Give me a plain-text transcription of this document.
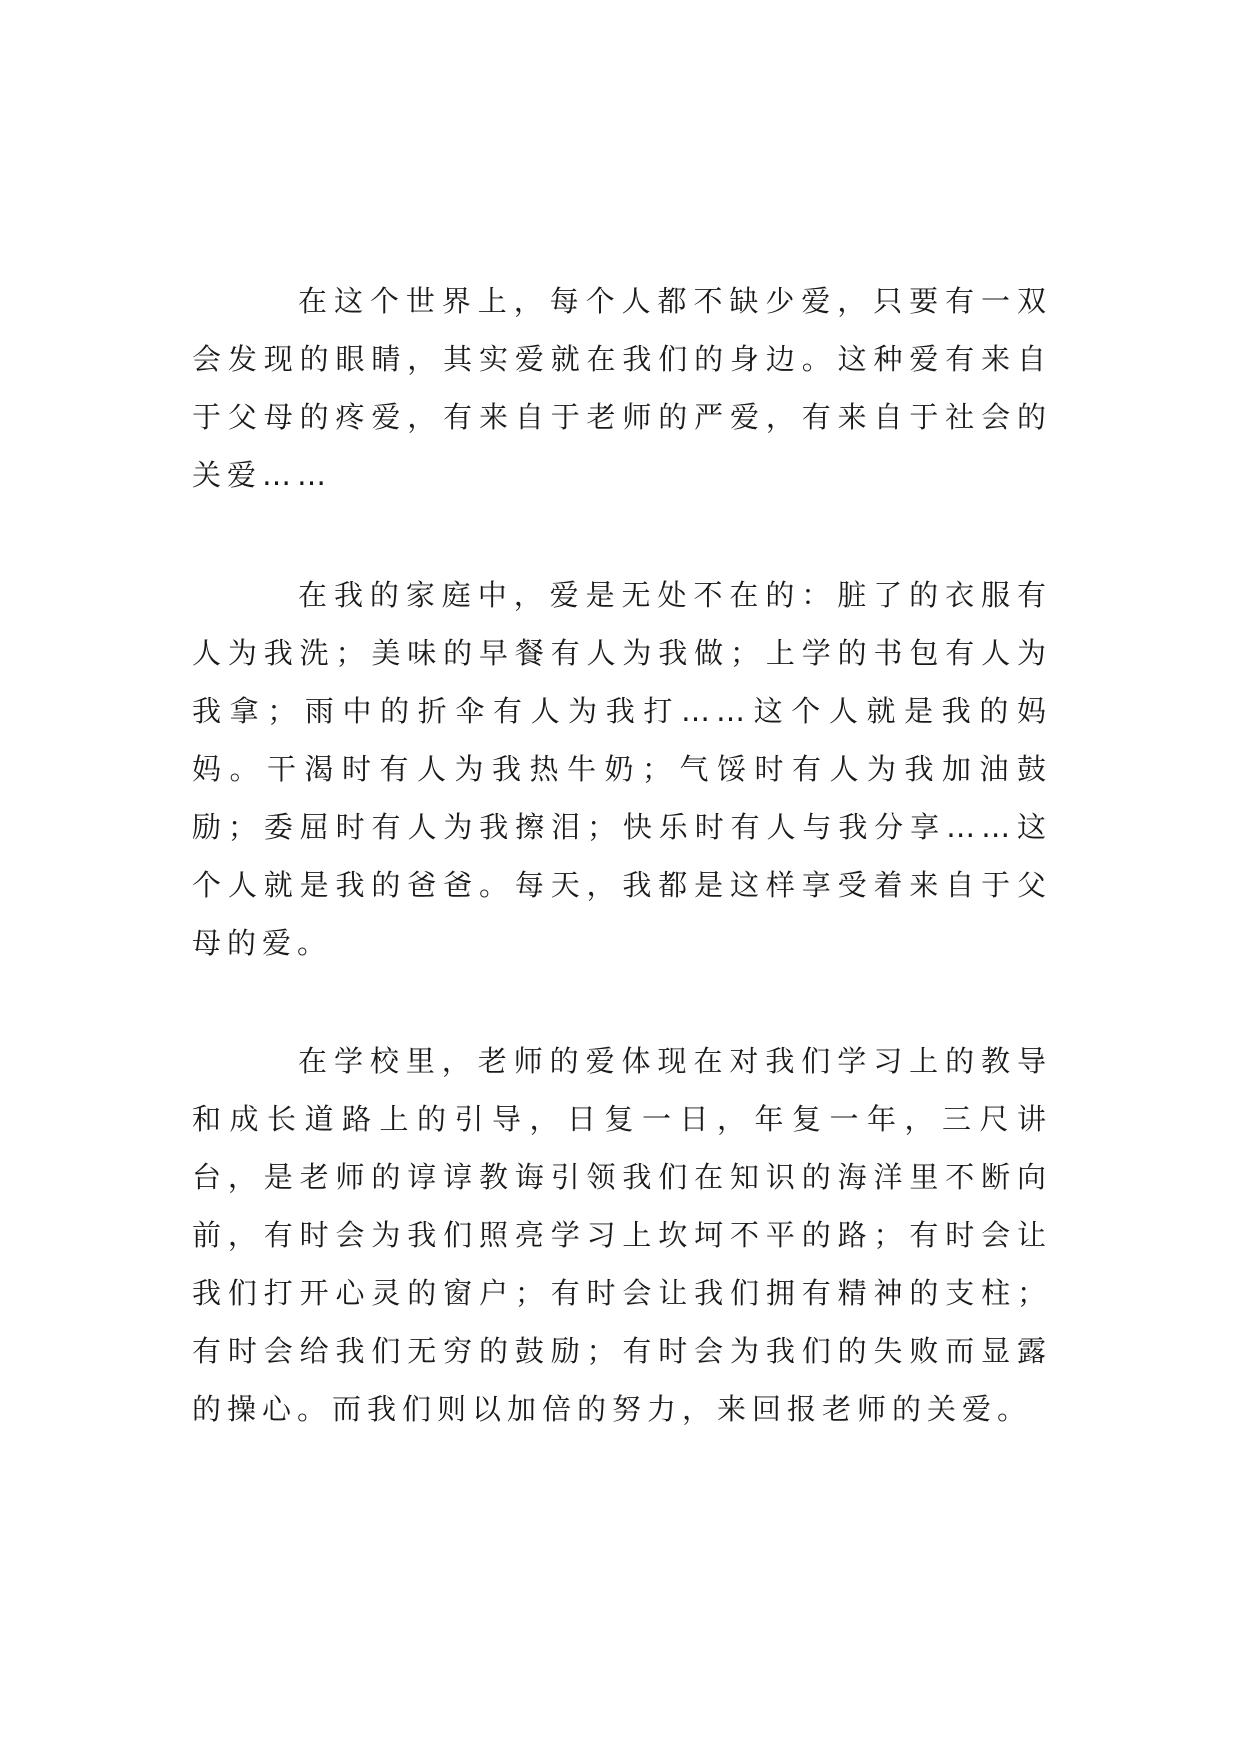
在这个世界上，每个人都不缺少爱，只要有一双会发现的眼睛，其实爱就在我们的身边。这种爱有来自于父母的疼爱，有来自于老师的严爱，有来自于社会的关爱……

在我的家庭中，爱是无处不在的：脏了的衣服有人为我洗；美味的早餐有人为我做；上学的书包有人为我拿；雨中的折伞有人为我打……这个人就是我的妈妈。干渴时有人为我热牛奶；气馁时有人为我加油鼓励；委屈时有人为我擦泪；快乐时有人与我分享……这个人就是我的爸爸。每天，我都是这样享受着来自于父母的爱。

在学校里，老师的爱体现在对我们学习上的教导和成长道路上的引导，日复一日，年复一年，三尺讲台，是老师的谆谆教诲引领我们在知识的海洋里不断向前，有时会为我们照亮学习上坎坷不平的路；有时会让我们打开心灵的窗户；有时会让我们拥有精神的支柱；有时会给我们无穷的鼓励；有时会为我们的失败而显露的操心。而我们则以加倍的努力，来回报老师的关爱。
